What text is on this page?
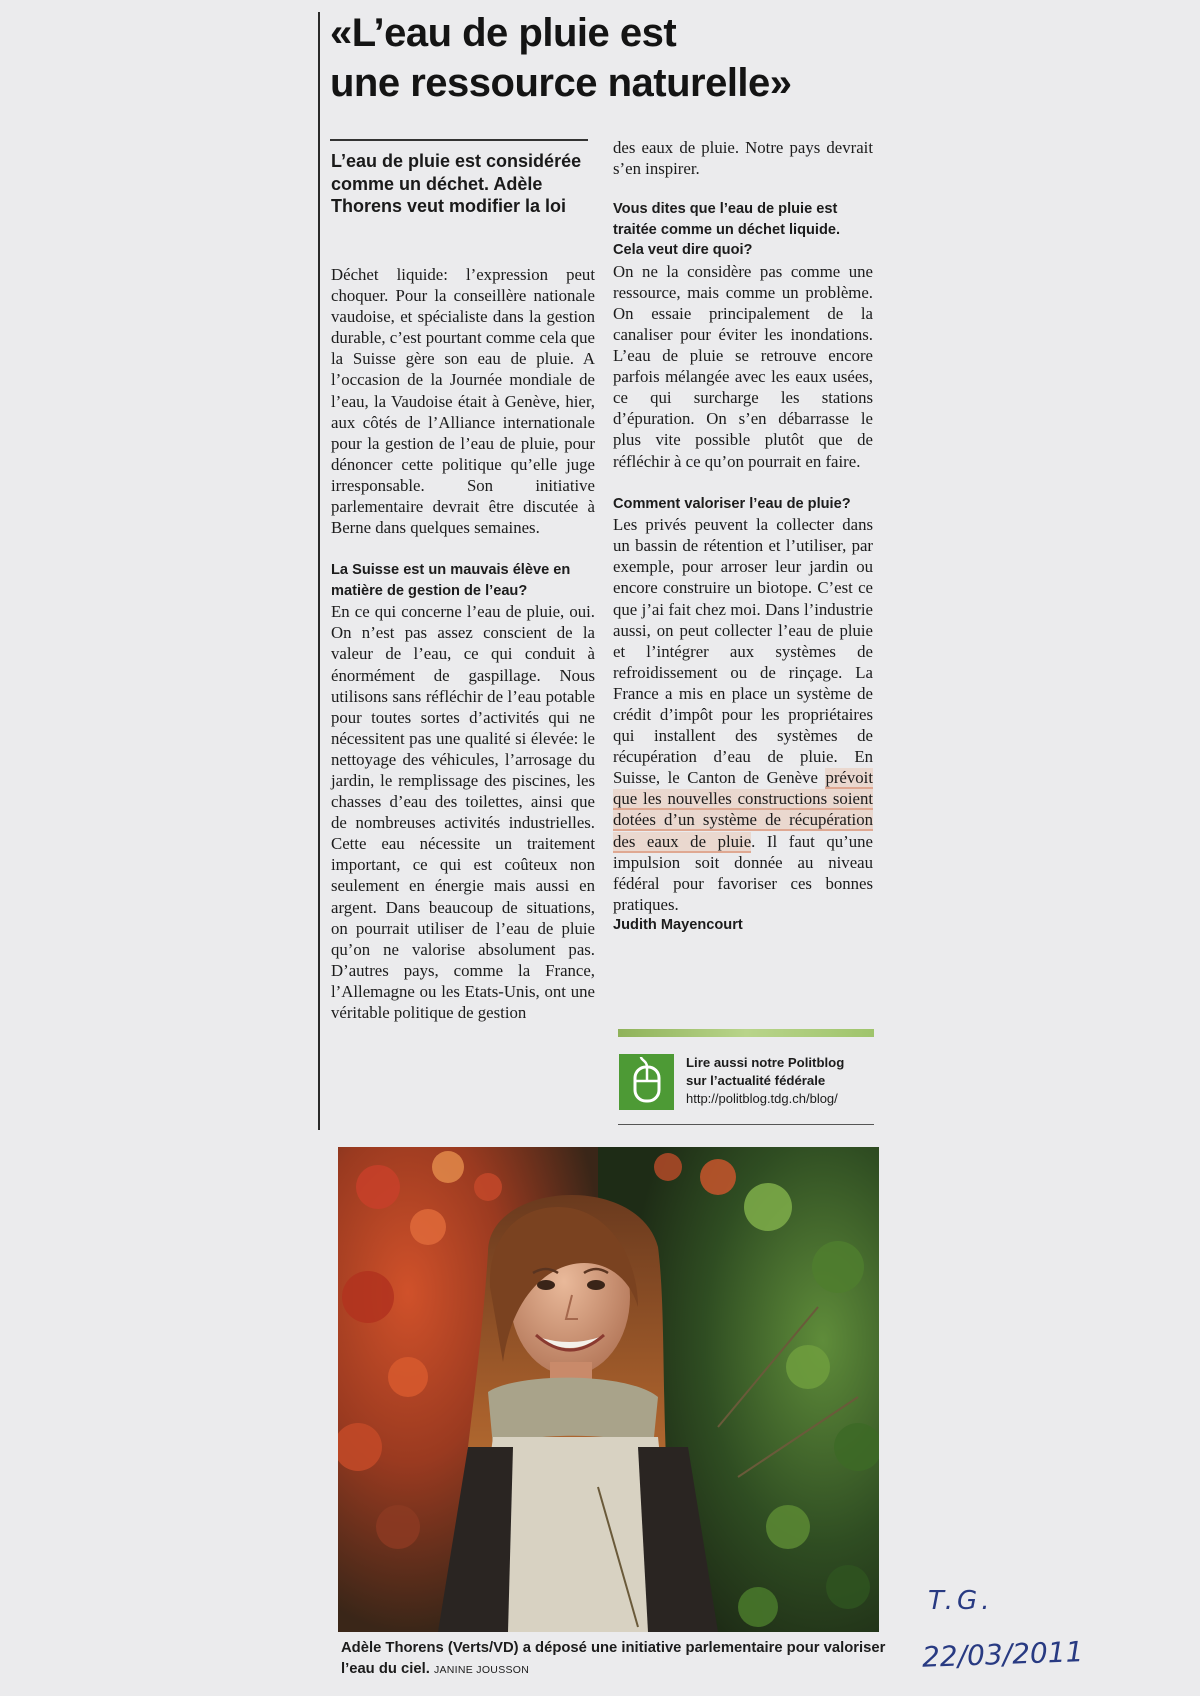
«L’eau de pluie est
une ressource naturelle»
L’eau de pluie est considérée comme un déchet. Adèle Thorens veut modifier la loi

Déchet liquide: l’expression peut choquer. Pour la conseillère nationale vaudoise, et spécialiste dans la gestion durable, c’est pourtant comme cela que la Suisse gère son eau de pluie. A l’occasion de la Journée mondiale de l’eau, la Vaudoise était à Genève, hier, aux côtés de l’Alliance internationale pour la gestion de l’eau de pluie, pour dénoncer cette politique qu’elle juge irresponsable. Son initiative parlementaire devrait être discutée à Berne dans quelques semaines.

La Suisse est un mauvais élève en matière de gestion de l’eau?

En ce qui concerne l’eau de pluie, oui. On n’est pas assez conscient de la valeur de l’eau, ce qui conduit à énormément de gaspillage. Nous utilisons sans réfléchir de l’eau potable pour toutes sortes d’activités qui ne nécessitent pas une qualité si élevée: le nettoyage des véhicules, l’arrosage du jardin, le remplissage des piscines, les chasses d’eau des toilettes, ainsi que de nombreuses activités industrielles. Cette eau nécessite un traitement important, ce qui est coûteux non seulement en énergie mais aussi en argent. Dans beaucoup de situations, on pourrait utiliser de l’eau de pluie qu’on ne valorise absolument pas. D’autres pays, comme la France, l’Allemagne ou les Etats-Unis, ont une véritable politique de gestion

des eaux de pluie. Notre pays devrait s’en inspirer.

Vous dites que l’eau de pluie est traitée comme un déchet liquide. Cela veut dire quoi?

On ne la considère pas comme une ressource, mais comme un problème. On essaie principalement de la canaliser pour éviter les inondations. L’eau de pluie se retrouve encore parfois mélangée avec les eaux usées, ce qui surcharge les stations d’épuration. On s’en débarrasse le plus vite possible plutôt que de réfléchir à ce qu’on pourrait en faire.

Comment valoriser l’eau de pluie?

Les privés peuvent la collecter dans un bassin de rétention et l’utiliser, par exemple, pour arroser leur jardin ou encore construire un biotope. C’est ce que j’ai fait chez moi. Dans l’industrie aussi, on peut collecter l’eau de pluie et l’intégrer aux systèmes de refroidissement ou de rinçage. La France a mis en place un système de crédit d’impôt pour les propriétaires qui installent des systèmes de récupération d’eau de pluie. En Suisse, le Canton de Genève prévoit que les nouvelles constructions soient dotées d’un système de récupération des eaux de pluie. Il faut qu’une impulsion soit donnée au niveau fédéral pour favoriser ces bonnes pratiques.

Judith Mayencourt

Lire aussi notre Politblog
sur l’actualité fédérale
http://politblog.tdg.ch/blog/
Adèle Thorens (Verts/VD) a déposé une initiative parlementaire pour valoriser l’eau du ciel. JANINE JOUSSON
T.G.
22/03/2011
